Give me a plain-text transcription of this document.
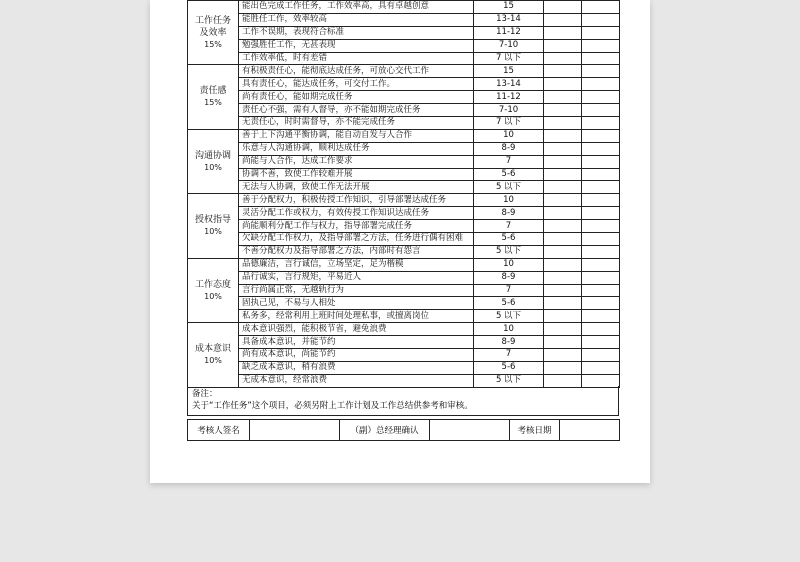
工作任务及效率
15%	能出色完成工作任务，工作效率高，具有卓越创意	15		
	能胜任工作，效率较高	13-14		
	工作不误期，表现符合标准	11-12		
	勉强胜任工作，无甚表现	7-10		
	工作效率低，时有差错	7 以下		

责任感
15%	有积极责任心，能彻底达成任务，可放心交代工作	15		
	具有责任心，能达成任务，可交付工作。	13-14		
	尚有责任心，能如期完成任务	11-12		
	责任心不强，需有人督导，亦不能如期完成任务	7-10		
	无责任心，时时需督导，亦不能完成任务	7 以下		

沟通协调
10%	善于上下沟通平衡协调，能自动自发与人合作	10		
	乐意与人沟通协调，顺利达成任务	8-9		
	尚能与人合作，达成工作要求	7		
	协调不善，致使工作较难开展	5-6		
	无法与人协调，致使工作无法开展	5 以下		

授权指导
10%	善于分配权力，积极传授工作知识，引导部署达成任务	10		
	灵活分配工作或权力，有效传授工作知识达成任务	8-9		
	尚能顺利分配工作与权力，指导部署完成任务	7		
	欠缺分配工作权力，及指导部署之方法，任务进行偶有困难	5-6		
	不善分配权力及指导部署之方法，内部时有怨言	5 以下		

工作态度
10%	品德廉洁，言行诚信，立场坚定，足为楷模	10		
	品行诚实，言行规矩，平易近人	8-9		
	言行尚属正常，无越轨行为	7		
	固执己见，不易与人相处	5-6		
	私务多，经常利用上班时间处理私事，或擅离岗位	5 以下		

成本意识
10%	成本意识强烈，能积极节省，避免浪费	10		
	具备成本意识，并能节约	8-9		
	尚有成本意识，尚能节约	7		
	缺乏成本意识，稍有浪费	5-6		
	无成本意识，经常浪费	5 以下		
备注：
关于“工作任务”这个项目，必须另附上工作计划及工作总结供参考和审核。
考核人签名		（副）总经理确认		考核日期	
